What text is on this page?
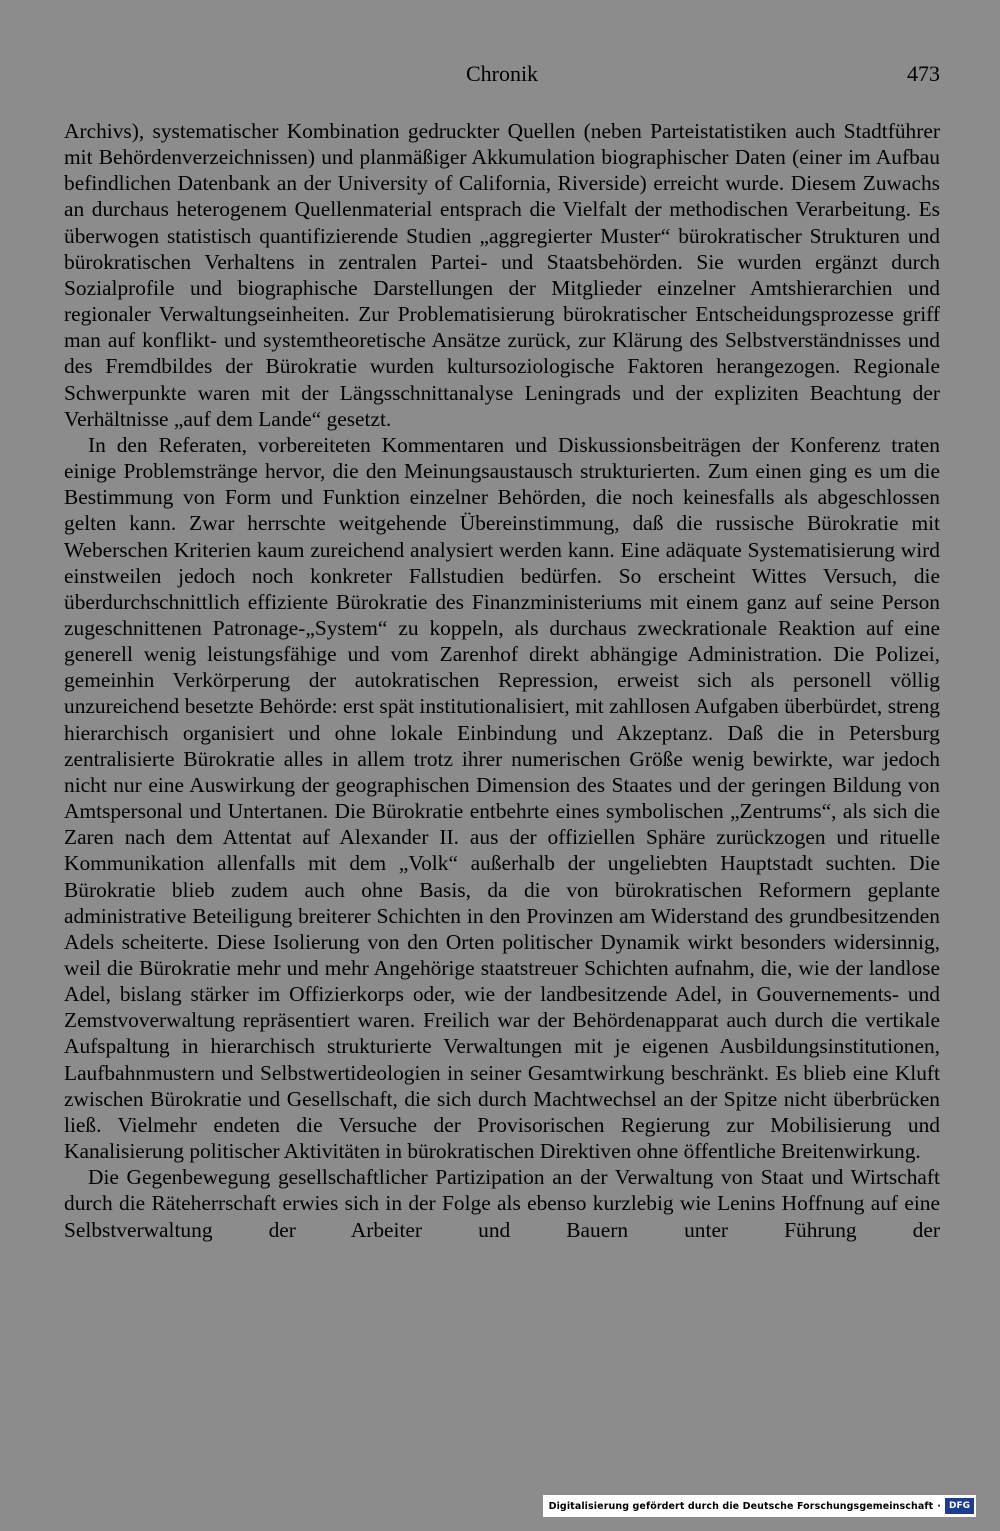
Chronik	473

Archivs), systematischer Kombination gedruckter Quellen (neben Parteistatistiken auch Stadtführer mit Behördenverzeichnissen) und planmäßiger Akkumulation biographischer Daten (einer im Aufbau befindlichen Datenbank an der University of California, Riverside) erreicht wurde. Diesem Zuwachs an durchaus heterogenem Quellenmaterial entsprach die Vielfalt der methodischen Verarbeitung. Es überwogen statistisch quantifizierende Studien „aggregierter Muster“ bürokratischer Strukturen und bürokratischen Verhaltens in zentralen Partei- und Staatsbehörden. Sie wurden ergänzt durch Sozialprofile und biographische Darstellungen der Mitglieder einzelner Amtshierarchien und regionaler Verwaltungseinheiten. Zur Problematisierung bürokratischer Entscheidungsprozesse griff man auf konflikt- und systemtheoretische Ansätze zurück, zur Klärung des Selbstverständnisses und des Fremdbildes der Bürokratie wurden kultursoziologische Faktoren herangezogen. Regionale Schwerpunkte waren mit der Längsschnittanalyse Leningrads und der expliziten Beachtung der Verhältnisse „auf dem Lande“ gesetzt.

In den Referaten, vorbereiteten Kommentaren und Diskussionsbeiträgen der Konferenz traten einige Problemstränge hervor, die den Meinungsaustausch strukturierten. Zum einen ging es um die Bestimmung von Form und Funktion einzelner Behörden, die noch keinesfalls als abgeschlossen gelten kann. Zwar herrschte weitgehende Übereinstimmung, daß die russische Bürokratie mit Weberschen Kriterien kaum zureichend analysiert werden kann. Eine adäquate Systematisierung wird einstweilen jedoch noch konkreter Fallstudien bedürfen. So erscheint Wittes Versuch, die überdurchschnittlich effiziente Bürokratie des Finanzministeriums mit einem ganz auf seine Person zugeschnittenen Patronage-„System“ zu koppeln, als durchaus zweckrationale Reaktion auf eine generell wenig leistungsfähige und vom Zarenhof direkt abhängige Administration. Die Polizei, gemeinhin Verkörperung der autokratischen Repression, erweist sich als personell völlig unzureichend besetzte Behörde: erst spät institutionalisiert, mit zahllosen Aufgaben überbürdet, streng hierarchisch organisiert und ohne lokale Einbindung und Akzeptanz. Daß die in Petersburg zentralisierte Bürokratie alles in allem trotz ihrer numerischen Größe wenig bewirkte, war jedoch nicht nur eine Auswirkung der geographischen Dimension des Staates und der geringen Bildung von Amtspersonal und Untertanen. Die Bürokratie entbehrte eines symbolischen „Zentrums“, als sich die Zaren nach dem Attentat auf Alexander II. aus der offiziellen Sphäre zurückzogen und rituelle Kommunikation allenfalls mit dem „Volk“ außerhalb der ungeliebten Hauptstadt suchten. Die Bürokratie blieb zudem auch ohne Basis, da die von bürokratischen Reformern geplante administrative Beteiligung breiterer Schichten in den Provinzen am Widerstand des grundbesitzenden Adels scheiterte. Diese Isolierung von den Orten politischer Dynamik wirkt besonders widersinnig, weil die Bürokratie mehr und mehr Angehörige staatstreuer Schichten aufnahm, die, wie der landlose Adel, bislang stärker im Offizierkorps oder, wie der landbesitzende Adel, in Gouvernements- und Zemstvoverwaltung repräsentiert waren. Freilich war der Behördenapparat auch durch die vertikale Aufspaltung in hierarchisch strukturierte Verwaltungen mit je eigenen Ausbildungsinstitutionen, Laufbahnmustern und Selbstwertideologien in seiner Gesamtwirkung beschränkt. Es blieb eine Kluft zwischen Bürokratie und Gesellschaft, die sich durch Machtwechsel an der Spitze nicht überbrücken ließ. Vielmehr endeten die Versuche der Provisorischen Regierung zur Mobilisierung und Kanalisierung politischer Aktivitäten in bürokratischen Direktiven ohne öffentliche Breitenwirkung.

Die Gegenbewegung gesellschaftlicher Partizipation an der Verwaltung von Staat und Wirtschaft durch die Räteherrschaft erwies sich in der Folge als ebenso kurzlebig wie Lenins Hoffnung auf eine Selbstverwaltung der Arbeiter und Bauern unter Führung der

Digitalisierung gefördert durch die Deutsche Forschungsgemeinschaft · DFG
